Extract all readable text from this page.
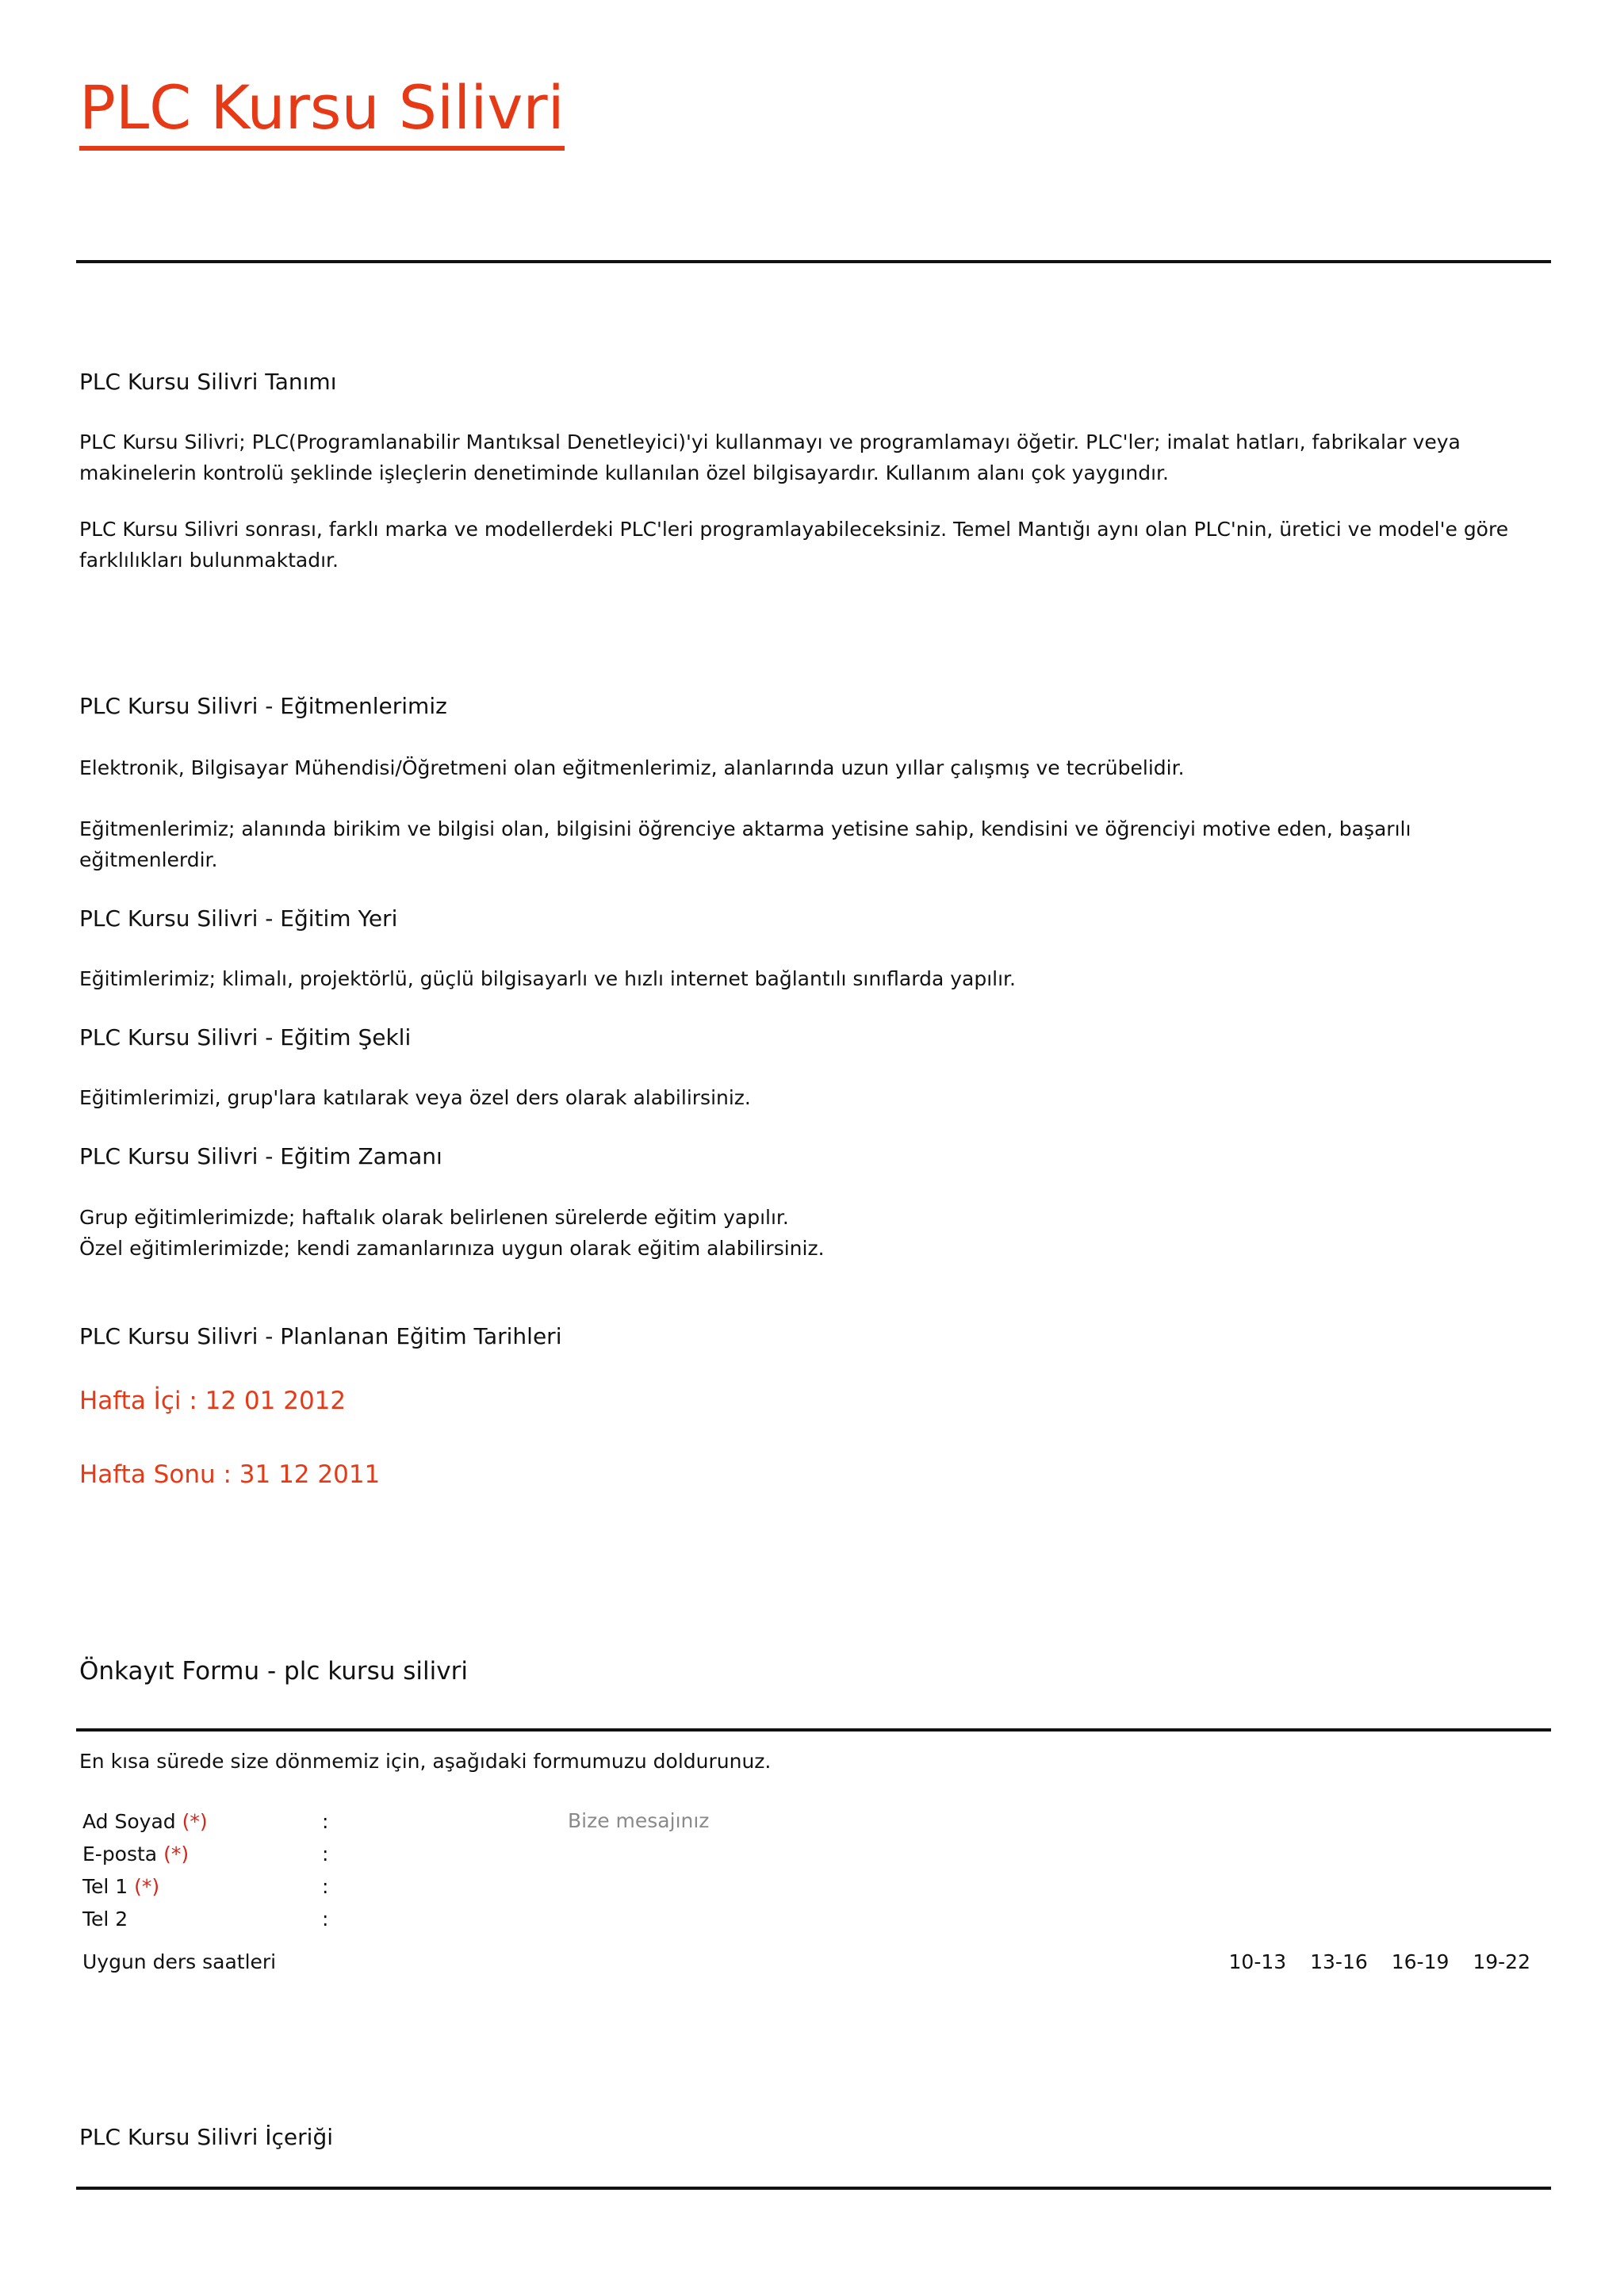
PLC Kursu Silivri
PLC Kursu Silivri Tanımı
PLC Kursu Silivri; PLC(Programlanabilir Mantıksal Denetleyici)'yi kullanmayı ve programlamayı öğetir. PLC'ler; imalat hatları, fabrikalar veya makinelerin kontrolü şeklinde işleçlerin denetiminde kullanılan özel bilgisayardır. Kullanım alanı çok yaygındır.
PLC Kursu Silivri sonrası, farklı marka ve modellerdeki PLC'leri programlayabileceksiniz. Temel Mantığı aynı olan PLC'nin, üretici ve model'e göre farklılıkları bulunmaktadır.
PLC Kursu Silivri - Eğitmenlerimiz
Elektronik, Bilgisayar Mühendisi/Öğretmeni olan eğitmenlerimiz, alanlarında uzun yıllar çalışmış ve tecrübelidir.
Eğitmenlerimiz; alanında birikim ve bilgisi olan, bilgisini öğrenciye aktarma yetisine sahip, kendisini ve öğrenciyi motive eden, başarılı eğitmenlerdir.
PLC Kursu Silivri - Eğitim Yeri
Eğitimlerimiz; klimalı, projektörlü, güçlü bilgisayarlı ve hızlı internet bağlantılı sınıflarda yapılır.
PLC Kursu Silivri - Eğitim Şekli
Eğitimlerimizi, grup'lara katılarak veya özel ders olarak alabilirsiniz.
PLC Kursu Silivri - Eğitim Zamanı
Grup eğitimlerimizde; haftalık olarak belirlenen sürelerde eğitim yapılır.
Özel eğitimlerimizde; kendi zamanlarınıza uygun olarak eğitim alabilirsiniz.
PLC Kursu Silivri - Planlanan Eğitim Tarihleri
Hafta İçi : 12 01 2012
Hafta Sonu : 31 12 2011
Önkayıt Formu - plc kursu silivri
En kısa sürede size dönmemiz için, aşağıdaki formumuzu doldurunuz.
Ad Soyad (*)	:
E-posta (*)	:
Tel 1 (*)	:
Tel 2	:
Bize mesajınız
Uygun ders saatleri	10-13 13-16 16-19 19-22
PLC Kursu Silivri İçeriği
